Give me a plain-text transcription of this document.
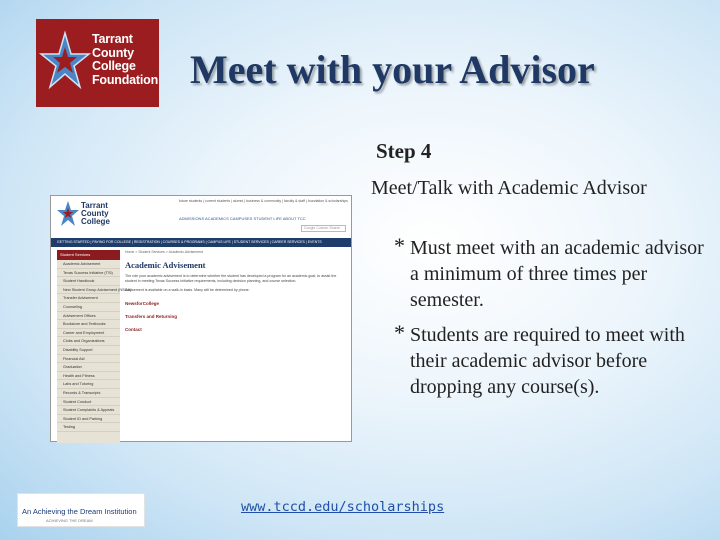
Tarrant
County
College
Foundation Meet with your Advisor
Step 4
Meet/Talk with Academic Advisor
* Must meet with an academic advisor a minimum of three times per semester.
* Students are required to meet with their academic advisor before dropping any course(s).
Tarrant
County
College
future students | current students | alumni | business & community | faculty & staff | foundation & scholarships
ADMISSIONS ACADEMICS CAMPUSES STUDENT LIFE ABOUT TCC
Google Custom Search
GETTING STARTED | PAYING FOR COLLEGE | REGISTRATION | COURSES & PROGRAMS | CAMPUS LIFE | STUDENT SERVICES | CAREER SERVICES | EVENTS
Student Services
Academic Advisement
Texas Success Initiative (TSI)
Student Handbook
New Student Group Advisement (NSGA)
Transfer Advisement
Counseling
Advisement Offices
Bookstore and Textbooks
Career and Employment
Clubs and Organizations
Disability Support
Financial Aid
Graduation
Health and Fitness
Labs and Tutoring
Records & Transcripts
Student Conduct
Student Complaints & Appeals
Student ID and Parking
Testing
Home > Student Services > Academic Advisement
Academic Advisement

The role your academic advisement is to determine whether the student has developed a program for an academic goal, to assist the student in meeting Texas Success Initiative requirements, including decision planning, and course selection.

Advisement is available on a walk-in basis. Many will be determined by phone.

NewsforCollege
Transfers and Returning
Contact
www.tccd.edu/scholarships
An Achieving the Dream Institution
ACHIEVING THE DREAM
